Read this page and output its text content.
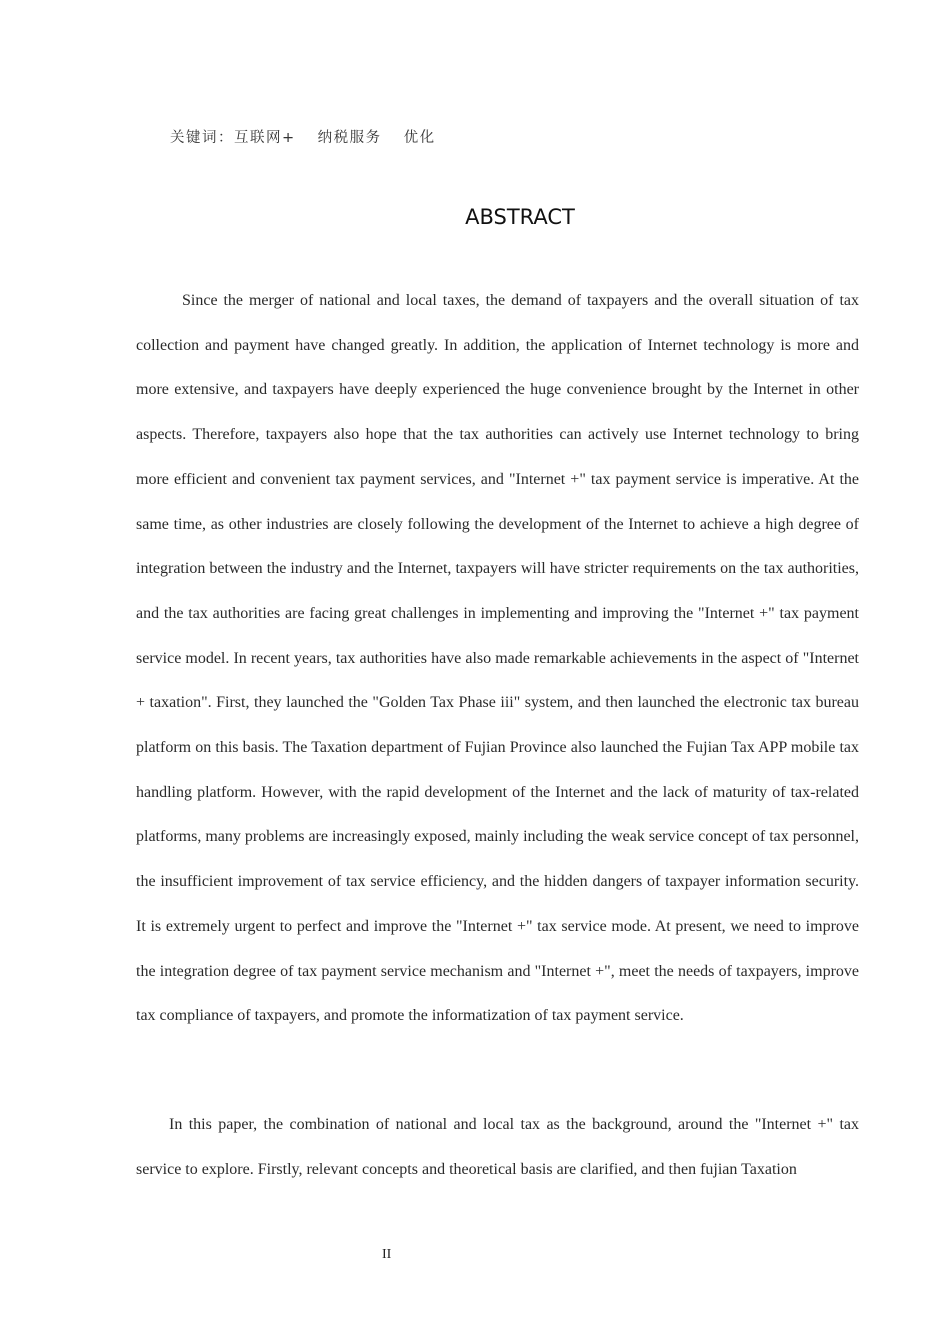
关键词：互联网+ 纳税服务 优化
ABSTRACT

Since the merger of national and local taxes, the demand of taxpayers and the overall situation of tax collection and payment have changed greatly. In addition, the application of Internet technology is more and more extensive, and taxpayers have deeply experienced the huge convenience brought by the Internet in other aspects. Therefore, taxpayers also hope that the tax authorities can actively use Internet technology to bring more efficient and convenient tax payment services, and "Internet +" tax payment service is imperative. At the same time, as other industries are closely following the development of the Internet to achieve a high degree of integration between the industry and the Internet, taxpayers will have stricter requirements on the tax authorities, and the tax authorities are facing great challenges in implementing and improving the "Internet +" tax payment service model. In recent years, tax authorities have also made remarkable achievements in the aspect of "Internet + taxation". First, they launched the "Golden Tax Phase iii" system, and then launched the electronic tax bureau platform on this basis. The Taxation department of Fujian Province also launched the Fujian Tax APP mobile tax handling platform. However, with the rapid development of the Internet and the lack of maturity of tax-related platforms, many problems are increasingly exposed, mainly including the weak service concept of tax personnel, the insufficient improvement of tax service efficiency, and the hidden dangers of taxpayer information security. It is extremely urgent to perfect and improve the "Internet +" tax service mode. At present, we need to improve the integration degree of tax payment service mechanism and "Internet +", meet the needs of taxpayers, improve tax compliance of taxpayers, and promote the informatization of tax payment service.

In this paper, the combination of national and local tax as the background, around the "Internet +" tax service to explore. Firstly, relevant concepts and theoretical basis are clarified, and then fujian Taxation

II
